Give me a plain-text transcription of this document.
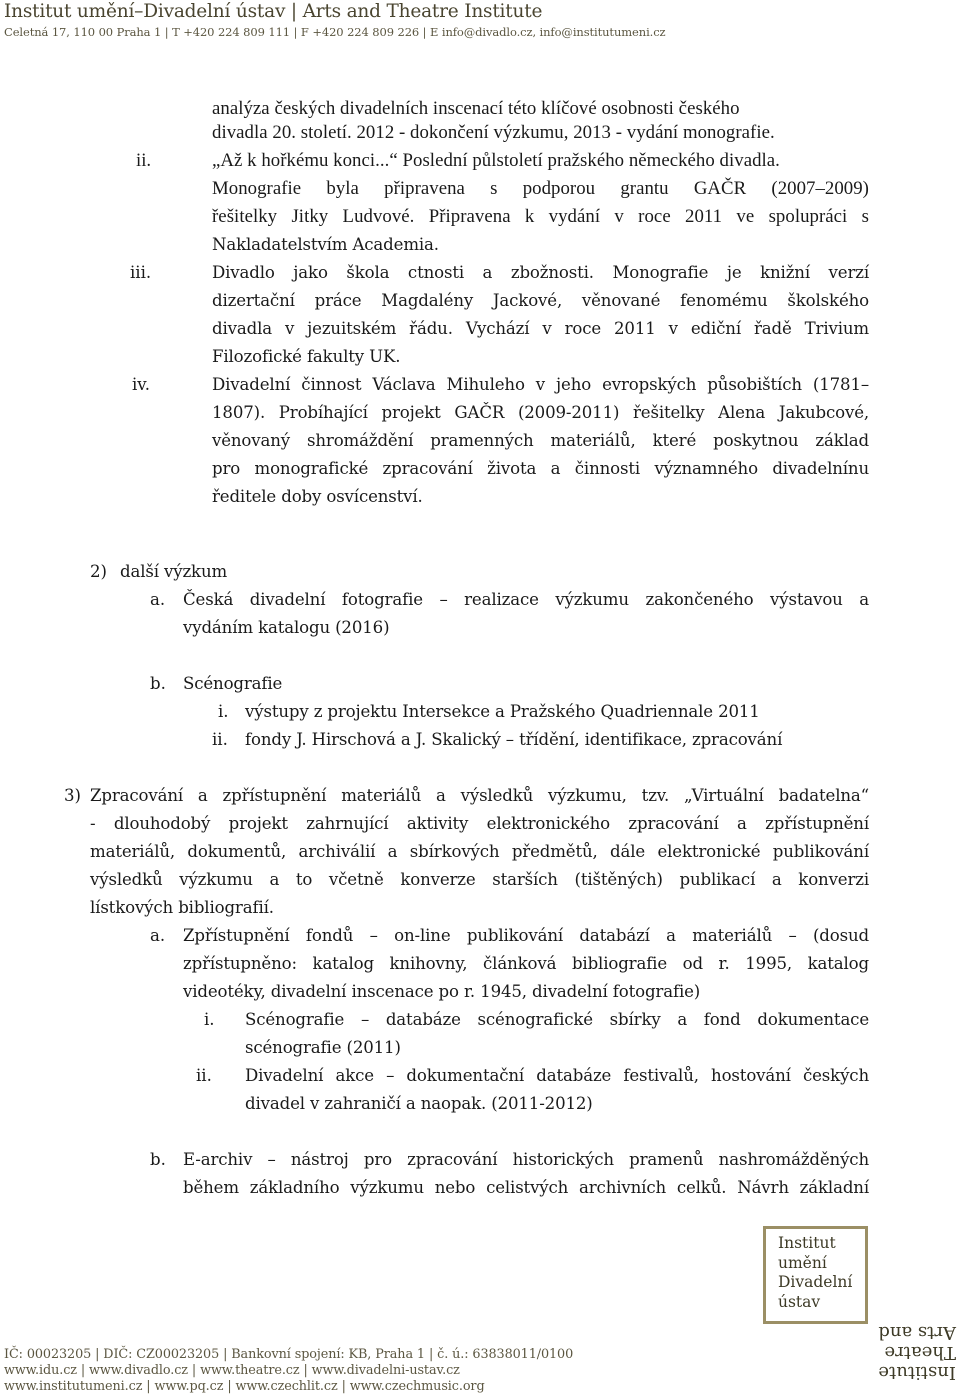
Institut umění–Divadelní ústav | Arts and Theatre Institute
Celetná 17, 110 00 Praha 1 | T +420 224 809 111 | F +420 224 809 226 | E info@divadlo.cz, info@institutumeni.cz
analýza českých divadelních inscenací této klíčové osobnosti českého
divadla 20. století. 2012 - dokončení výzkumu, 2013 - vydání monografie.
ii.	„Až k hořkému konci...“ Poslední půlstoletí pražského německého divadla.
Monografie byla připravena s podporou grantu GAČR (2007–2009)
řešitelky Jitky Ludvové. Připravena k vydání v roce 2011 ve spolupráci s
Nakladatelstvím Academia.
iii.	Divadlo jako škola ctnosti a zbožnosti. Monografie je knižní verzí
dizertační práce Magdalény Jackové, věnované fenomému školského
divadla v jezuitském řádu. Vychází v roce 2011 v ediční řadě Trivium
Filozofické fakulty UK.
iv.	Divadelní činnost Václava Mihuleho v jeho evropských působištích (1781–
1807). Probíhající projekt GAČR (2009-2011) řešitelky Alena Jakubcové,
věnovaný shromáždění pramenných materiálů, které poskytnou základ
pro monografické zpracování života a činnosti významného divadelnínu
ředitele doby osvícenství.
2) další výzkum
a. Česká divadelní fotografie – realizace výzkumu zakončeného výstavou a
vydáním katalogu (2016)
b. Scénografie
i. výstupy z projektu Intersekce a Pražského Quadriennale 2011
ii. fondy J. Hirschová a J. Skalický – třídění, identifikace, zpracování
3) Zpracování a zpřístupnění materiálů a výsledků výzkumu, tzv. „Virtuální badatelna“
- dlouhodobý projekt zahrnující aktivity elektronického zpracování a zpřístupnění
materiálů, dokumentů, archiválií a sbírkových předmětů, dále elektronické publikování
výsledků výzkumu a to včetně konverze starších (tištěných) publikací a konverzi
lístkových bibliografií.
a. Zpřístupnění fondů – on-line publikování databází a materiálů – (dosud
zpřístupněno: katalog knihovny, článková bibliografie od r. 1995, katalog
videotéky, divadelní inscenace po r. 1945, divadelní fotografie)
i. Scénografie – databáze scénografické sbírky a fond dokumentace
scénografie (2011)
ii. Divadelní akce – dokumentační databáze festivalů, hostování českých
divadel v zahraničí a naopak. (2011-2012)
b. E-archiv – nástroj pro zpracování historických pramenů nashromážděných
během základního výzkumu nebo celistvých archivních celků. Návrh základní
Institut
umění
Divadelní
ústav
Institute
Theatre
Arts and
IČ: 00023205 | DIČ: CZ00023205 | Bankovní spojení: KB, Praha 1 | č. ú.: 63838011/0100
www.idu.cz | www.divadlo.cz | www.theatre.cz | www.divadelni-ustav.cz
www.institutumeni.cz | www.pq.cz | www.czechlit.cz | www.czechmusic.org
